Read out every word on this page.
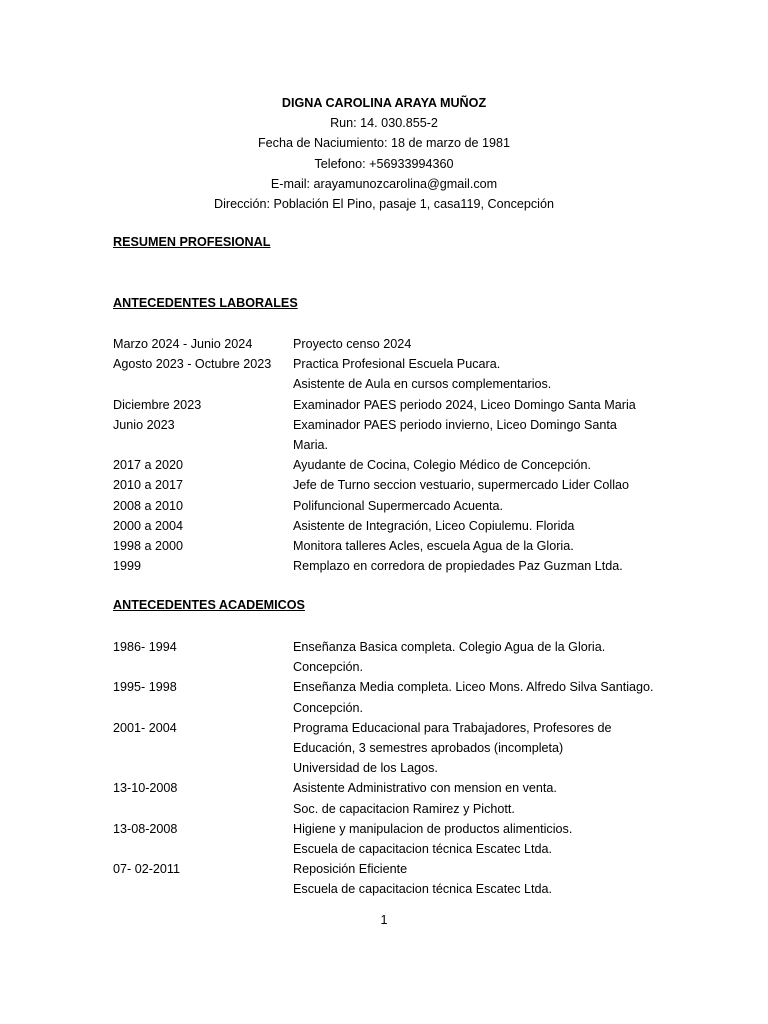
DIGNA CAROLINA ARAYA MUÑOZ
Run: 14. 030.855-2
Fecha de Naciumiento: 18 de marzo de 1981
Telefono: +56933994360
E-mail: arayamunozcarolina@gmail.com
Dirección: Población El Pino, pasaje 1, casa119, Concepción
RESUMEN PROFESIONAL
ANTECEDENTES LABORALES
Marzo 2024 - Junio 2024	Proyecto censo 2024
Agosto 2023 - Octubre 2023	Practica Profesional Escuela Pucara.
Asistente de Aula en cursos complementarios.
Diciembre 2023	Examinador PAES periodo 2024, Liceo Domingo Santa Maria
Junio 2023	Examinador PAES periodo invierno, Liceo Domingo Santa
Maria.
2017 a 2020	Ayudante de Cocina, Colegio Médico de Concepción.
2010 a 2017	Jefe de Turno seccion vestuario, supermercado Lider Collao
2008 a 2010	Polifuncional Supermercado Acuenta.
2000 a 2004	Asistente de Integración, Liceo Copiulemu. Florida
1998 a 2000	Monitora talleres Acles, escuela Agua de la Gloria.
1999	Remplazo en corredora de propiedades Paz Guzman Ltda.
ANTECEDENTES ACADEMICOS
1986- 1994	Enseñanza Basica completa. Colegio Agua de la Gloria.
Concepción.
1995- 1998	Enseñanza Media completa. Liceo Mons. Alfredo Silva Santiago.
Concepción.
2001- 2004	Programa Educacional para Trabajadores, Profesores de
Educación, 3 semestres aprobados (incompleta)
Universidad de los Lagos.
13-10-2008	Asistente Administrativo con mension en venta.
Soc. de capacitacion Ramirez y Pichott.
13-08-2008	Higiene y manipulacion de productos alimenticios.
Escuela de capacitacion técnica Escatec Ltda.
07- 02-2011	Reposición Eficiente
Escuela de capacitacion técnica Escatec Ltda.
1
